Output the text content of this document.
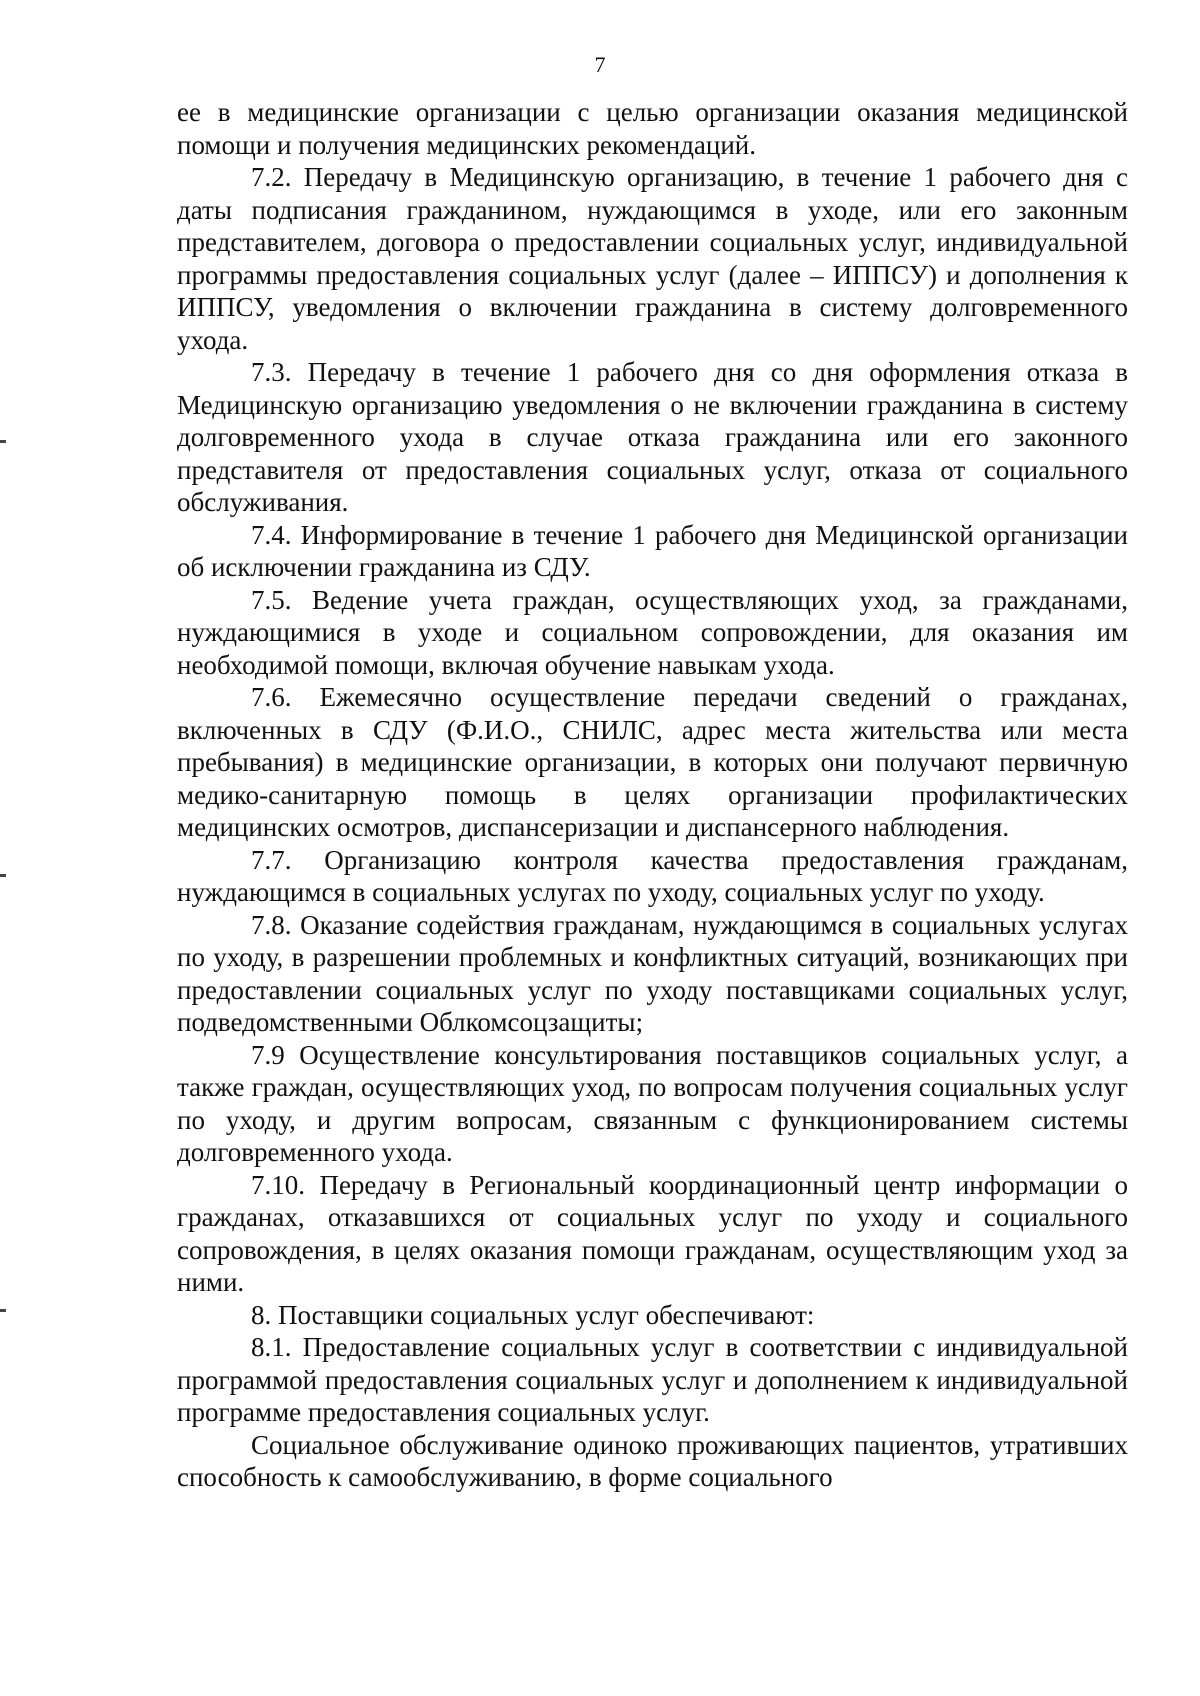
7

ее в медицинские организации с целью организации оказания медицинской помощи и получения медицинских рекомендаций.

7.2. Передачу в Медицинскую организацию, в течение 1 рабочего дня с даты подписания гражданином, нуждающимся в уходе, или его законным представителем, договора о предоставлении социальных услуг, индивидуальной программы предоставления социальных услуг (далее – ИППСУ) и дополнения к ИППСУ, уведомления о включении гражданина в систему долговременного ухода.

7.3. Передачу в течение 1 рабочего дня со дня оформления отказа в Медицинскую организацию уведомления о не включении гражданина в систему долговременного ухода в случае отказа гражданина или его законного представителя от предоставления социальных услуг, отказа от социального обслуживания.

7.4. Информирование в течение 1 рабочего дня Медицинской организации об исключении гражданина из СДУ.

7.5. Ведение учета граждан, осуществляющих уход, за гражданами, нуждающимися в уходе и социальном сопровождении, для оказания им необходимой помощи, включая обучение навыкам ухода.

7.6. Ежемесячно осуществление передачи сведений о гражданах, включенных в СДУ (Ф.И.О., СНИЛС, адрес места жительства или места пребывания) в медицинские организации, в которых они получают первичную медико-санитарную помощь в целях организации профилактических медицинских осмотров, диспансеризации и диспансерного наблюдения.

7.7. Организацию контроля качества предоставления гражданам, нуждающимся в социальных услугах по уходу, социальных услуг по уходу.

7.8. Оказание содействия гражданам, нуждающимся в социальных услугах по уходу, в разрешении проблемных и конфликтных ситуаций, возникающих при предоставлении социальных услуг по уходу поставщиками социальных услуг, подведомственными Облкомсоцзащиты;

7.9 Осуществление консультирования поставщиков социальных услуг, а также граждан, осуществляющих уход, по вопросам получения социальных услуг по уходу, и другим вопросам, связанным с функционированием системы долговременного ухода.

7.10. Передачу в Региональный координационный центр информации о гражданах, отказавшихся от социальных услуг по уходу и социального сопровождения, в целях оказания помощи гражданам, осуществляющим уход за ними.

8. Поставщики социальных услуг обеспечивают:

8.1. Предоставление социальных услуг в соответствии с индивидуальной программой предоставления социальных услуг и дополнением к индивидуальной программе предоставления социальных услуг.

Социальное обслуживание одиноко проживающих пациентов, утративших способность к самообслуживанию, в форме социального
